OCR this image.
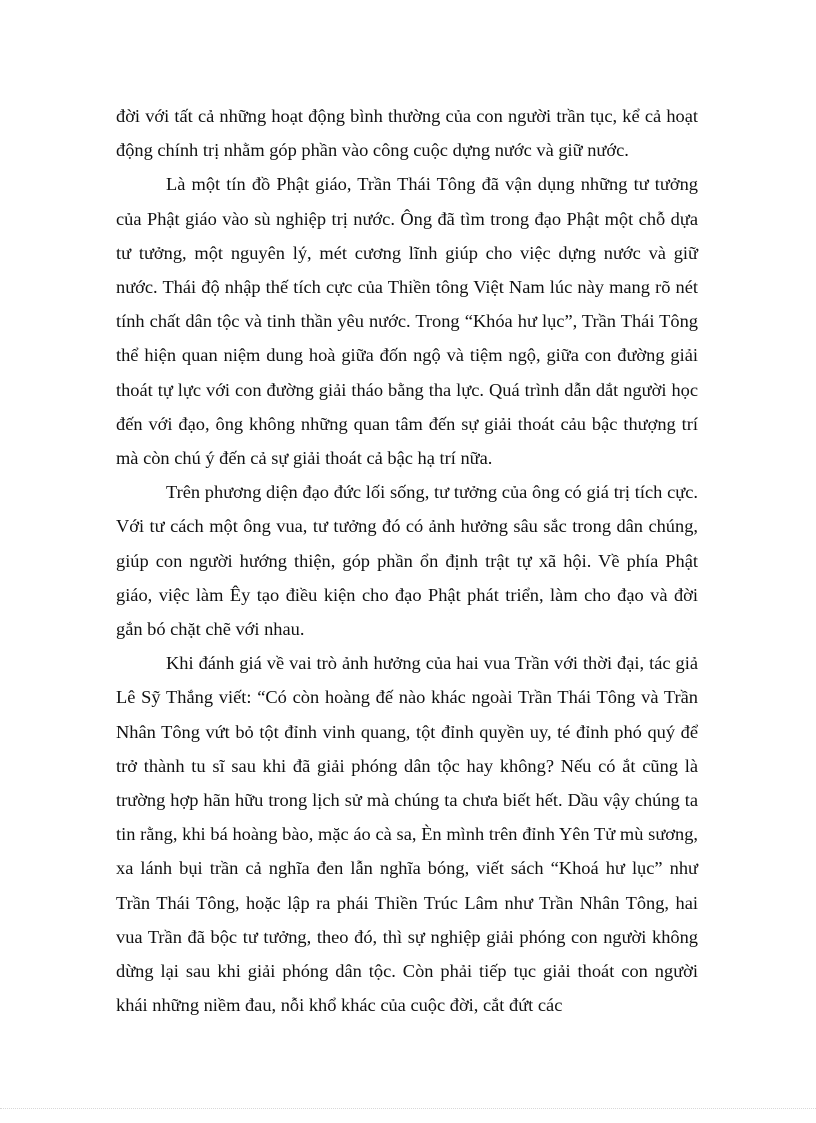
đời với tất cả những hoạt động bình thường của con người trần tục, kể cả hoạt động chính trị nhằm góp phần vào công cuộc dựng nước và giữ nước.

Là một tín đồ Phật giáo, Trần Thái Tông đã vận dụng những tư tưởng của Phật giáo vào sù nghiệp trị nước. Ông đã tìm trong đạo Phật một chỗ dựa tư tưởng, một nguyên lý, mét cương lĩnh giúp cho việc dựng nước và giữ nước. Thái độ nhập thế tích cực của Thiền tông Việt Nam lúc này mang rõ nét tính chất dân tộc và tinh thần yêu nước. Trong “Khóa hư lục”, Trần Thái Tông thể hiện quan niệm dung hoà giữa đốn ngộ và tiệm ngộ, giữa con đường giải thoát tự lực với con đường giải tháo bằng tha lực. Quá trình dẫn dắt người học đến với đạo, ông không những quan tâm đến sự giải thoát cảu bậc thượng trí mà còn chú ý đến cả sự giải thoát cả bậc hạ trí nữa.

Trên phương diện đạo đức lối sống, tư tưởng của ông có giá trị tích cực. Với tư cách một ông vua, tư tưởng đó có ảnh hưởng sâu sắc trong dân chúng, giúp con người hướng thiện, góp phần ổn định trật tự xã hội. Về phía Phật giáo, việc làm Êy tạo điều kiện cho đạo Phật phát triển, làm cho đạo và đời gắn bó chặt chẽ với nhau.

Khi đánh giá về vai trò ảnh hưởng của hai vua Trần với thời đại, tác giả Lê Sỹ Thắng viết: “Có còn hoàng đế nào khác ngoài Trần Thái Tông và Trần Nhân Tông vứt bỏ tột đỉnh vinh quang, tột đỉnh quyền uy, té đỉnh phó quý để trở thành tu sĩ sau khi đã giải phóng dân tộc hay không? Nếu có ắt cũng là trường hợp hãn hữu trong lịch sử mà chúng ta chưa biết hết. Dầu vậy chúng ta tin rằng, khi bá hoàng bào, mặc áo cà sa, Èn mình trên đỉnh Yên Tử mù sương, xa lánh bụi trần cả nghĩa đen lẫn nghĩa bóng, viết sách “Khoá hư lục” như Trần Thái Tông, hoặc lập ra phái Thiền Trúc Lâm như Trần Nhân Tông, hai vua Trần đã bộc tư tưởng, theo đó, thì sự nghiệp giải phóng con người không dừng lại sau khi giải phóng dân tộc. Còn phải tiếp tục giải thoát con người khái những niềm đau, nỗi khổ khác của cuộc đời, cắt đứt các
